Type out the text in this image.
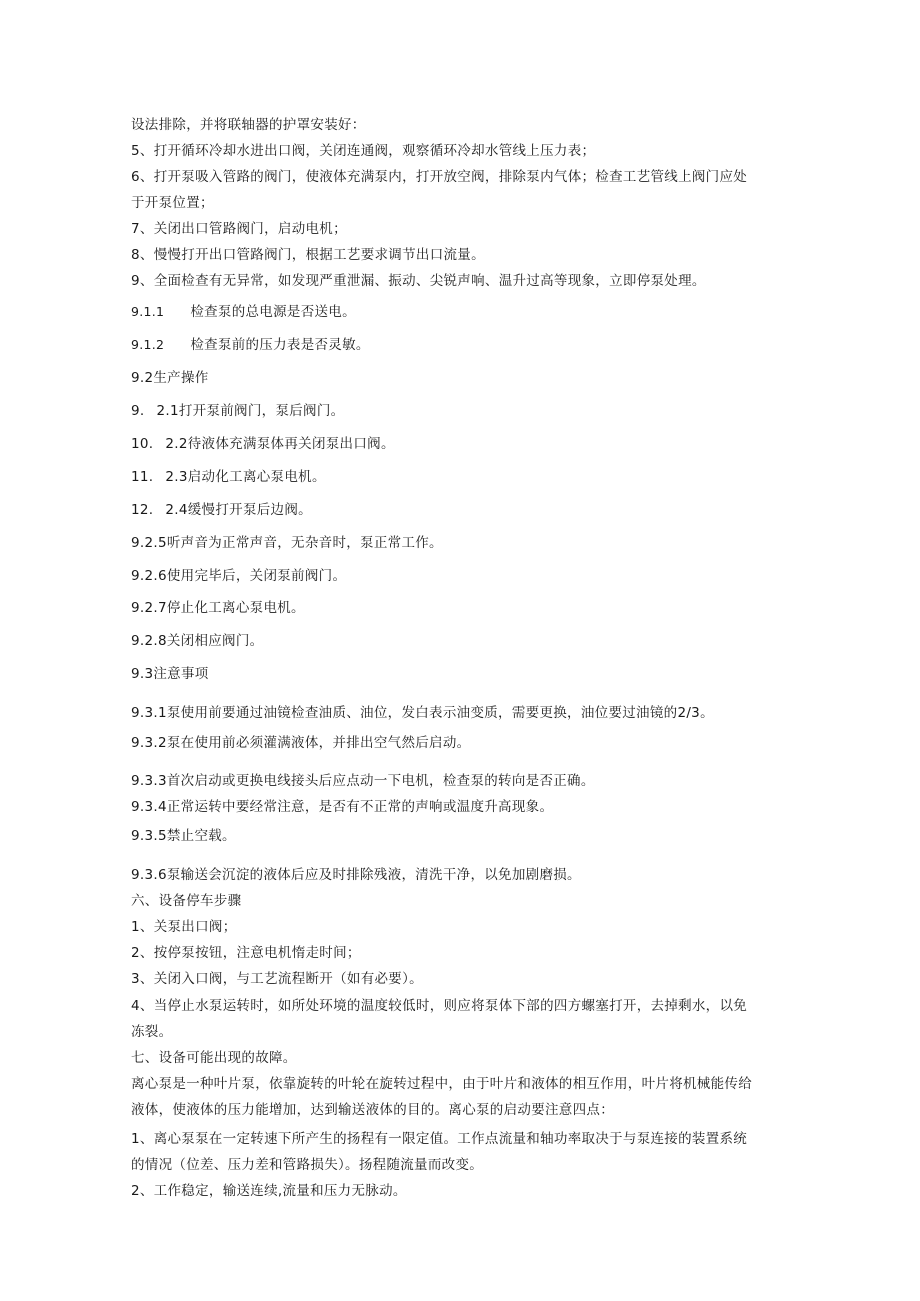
设法排除，并将联轴器的护罩安装好：
5、打开循环冷却水进出口阀，关闭连通阀，观察循环冷却水管线上压力表；
6、打开泵吸入管路的阀门，使液体充满泵内，打开放空阀，排除泵内气体；检查工艺管线上阀门应处
于开泵位置；
7、关闭出口管路阀门，启动电机；
8、慢慢打开出口管路阀门，根据工艺要求调节出口流量。
9、全面检查有无异常，如发现严重泄漏、振动、尖锐声响、温升过高等现象，立即停泵处理。
9.1.1 检查泵的总电源是否送电。
9.1.2 检查泵前的压力表是否灵敏。
9.2生产操作
9. 2.1打开泵前阀门，泵后阀门。
10. 2.2待液体充满泵体再关闭泵出口阀。
11. 2.3启动化工离心泵电机。
12. 2.4缓慢打开泵后边阀。
9.2.5听声音为正常声音，无杂音时，泵正常工作。
9.2.6使用完毕后，关闭泵前阀门。
9.2.7停止化工离心泵电机。
9.2.8关闭相应阀门。
9.3注意事项
9.3.1泵使用前要通过油镜检查油质、油位，发白表示油变质，需要更换，油位要过油镜的2/3。
9.3.2泵在使用前必须灌满液体，并排出空气然后启动。
9.3.3首次启动或更换电线接头后应点动一下电机，检查泵的转向是否正确。
9.3.4正常运转中要经常注意，是否有不正常的声响或温度升高现象。
9.3.5禁止空载。
9.3.6泵输送会沉淀的液体后应及时排除残液，清洗干净，以免加剧磨损。
六、设备停车步骤
1、关泵出口阀；
2、按停泵按钮，注意电机惰走时间；
3、关闭入口阀，与工艺流程断开（如有必要）。
4、当停止水泵运转时，如所处环境的温度较低时，则应将泵体下部的四方螺塞打开，去掉剩水，以免
冻裂。
七、设备可能出现的故障。
离心泵是一种叶片泵，依靠旋转的叶轮在旋转过程中，由于叶片和液体的相互作用，叶片将机械能传给
液体，使液体的压力能增加，达到输送液体的目的。离心泵的启动要注意四点：
1、离心泵泵在一定转速下所产生的扬程有一限定值。工作点流量和轴功率取决于与泵连接的装置系统
的情况（位差、压力差和管路损失）。扬程随流量而改变。
2、工作稳定，输送连续,流量和压力无脉动。
